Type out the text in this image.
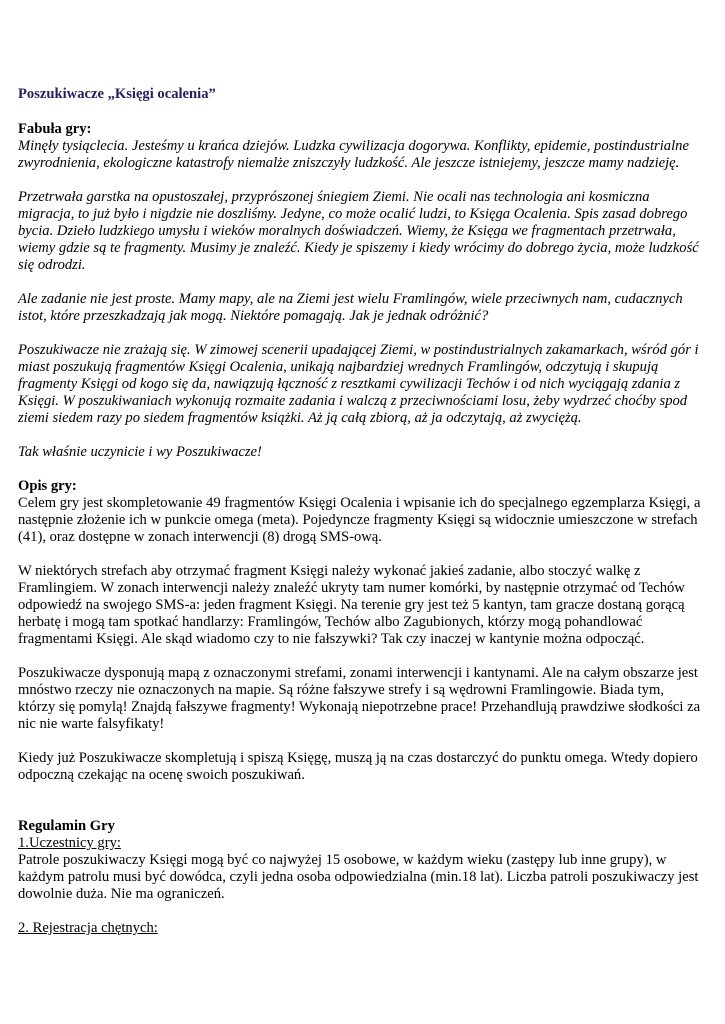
Poszukiwacze „Księgi ocalenia”

Fabuła gry:

Minęły tysiąclecia. Jesteśmy u krańca dziejów. Ludzka cywilizacja dogorywa. Konflikty, epidemie, postindustrialne zwyrodnienia, ekologiczne katastrofy niemalże zniszczyły ludzkość. Ale jeszcze istniejemy, jeszcze mamy nadzieję.

Przetrwała garstka na opustoszałej, przyprószonej śniegiem Ziemi. Nie ocali nas technologia ani kosmiczna migracja, to już było i nigdzie nie doszliśmy. Jedyne, co może ocalić ludzi, to Księga Ocalenia. Spis zasad dobrego bycia. Dzieło ludzkiego umysłu i wieków moralnych doświadczeń. Wiemy, że Księga we fragmentach przetrwała, wiemy gdzie są te fragmenty. Musimy je znaleźć. Kiedy je spiszemy i kiedy wrócimy do dobrego życia, może ludzkość się odrodzi.

Ale zadanie nie jest proste. Mamy mapy, ale na Ziemi jest wielu Framlingów, wiele przeciwnych nam, cudacznych istot, które przeszkadzają jak mogą. Niektóre pomagają. Jak je jednak odróżnić?

Poszukiwacze nie zrażają się. W zimowej scenerii upadającej Ziemi, w postindustrialnych zakamarkach, wśród gór i miast poszukują fragmentów Księgi Ocalenia, unikają najbardziej wrednych Framlingów, odczytują i skupują fragmenty Księgi od kogo się da, nawiązują łączność z resztkami cywilizacji Techów i od nich wyciągają zdania z Księgi. W poszukiwaniach wykonują rozmaite zadania i walczą z przeciwnościami losu, żeby wydrzeć choćby spod ziemi siedem razy po siedem fragmentów książki. Aż ją całą zbiorą, aż ja odczytają, aż zwyciężą.

Tak właśnie uczynicie i wy Poszukiwacze!

Opis gry:

Celem gry jest skompletowanie 49 fragmentów Księgi Ocalenia i wpisanie ich do specjalnego egzemplarza Księgi, a następnie złożenie ich w punkcie omega (meta). Pojedyncze fragmenty Księgi są widocznie umieszczone w strefach (41), oraz dostępne w zonach interwencji (8) drogą SMS-ową.

W niektórych strefach aby otrzymać fragment Księgi należy wykonać jakieś zadanie, albo stoczyć walkę z Framlingiem. W zonach interwencji należy znaleźć ukryty tam numer komórki, by następnie otrzymać od Techów odpowiedź na swojego SMS-a: jeden fragment Księgi. Na terenie gry jest też 5 kantyn, tam gracze dostaną gorącą herbatę i mogą tam spotkać handlarzy: Framlingów, Techów albo Zagubionych, którzy mogą pohandlować fragmentami Księgi. Ale skąd wiadomo czy to nie fałszywki? Tak czy inaczej w kantynie można odpocząć.

Poszukiwacze dysponują mapą z oznaczonymi strefami, zonami interwencji i kantynami. Ale na całym obszarze jest mnóstwo rzeczy nie oznaczonych na mapie. Są różne fałszywe strefy i są wędrowni Framlingowie. Biada tym, którzy się pomylą! Znajdą fałszywe fragmenty! Wykonają niepotrzebne prace! Przehandlują prawdziwe słodkości za nic nie warte falsyfikaty!

Kiedy już Poszukiwacze skompletują i spiszą Księgę, muszą ją na czas dostarczyć do punktu omega. Wtedy dopiero odpoczną czekając na ocenę swoich poszukiwań.

Regulamin Gry

1.Uczestnicy gry:

Patrole poszukiwaczy Księgi mogą być co najwyżej 15 osobowe, w każdym wieku (zastępy lub inne grupy), w każdym patrolu musi być dowódca, czyli jedna osoba odpowiedzialna (min.18 lat). Liczba patroli poszukiwaczy jest dowolnie duża. Nie ma ograniczeń.

2. Rejestracja chętnych:
